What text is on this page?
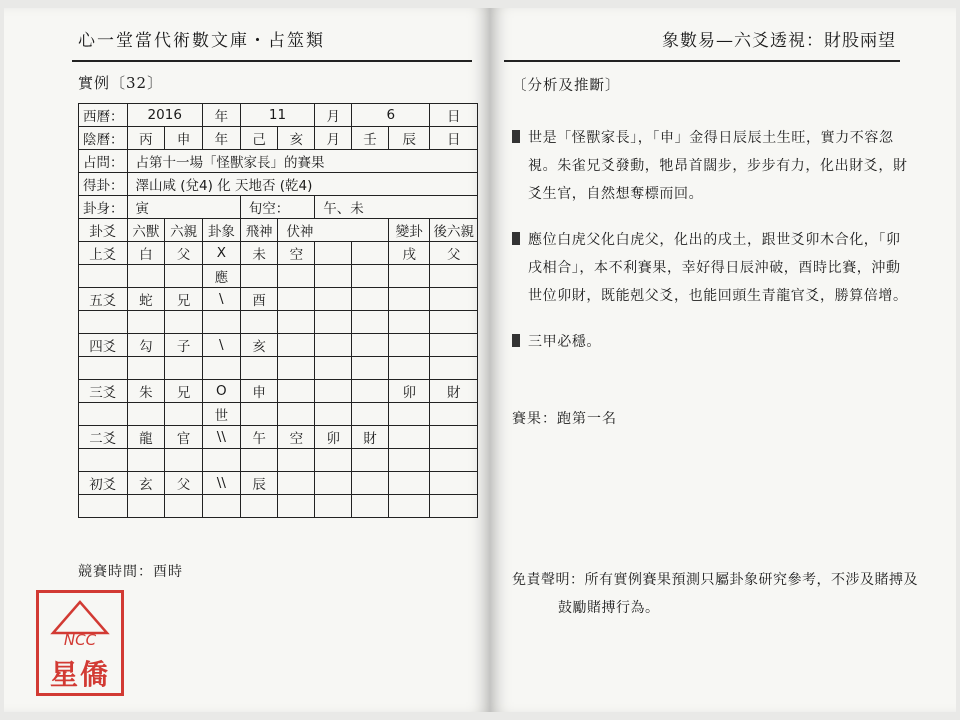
心一堂當代術數文庫・占筮類
實例〔32〕
西曆：	2016		年	11		月	6		日
陰曆：	丙	申	年	己	亥	月	壬	辰	日
占問：	占第十一場「怪獸家長」的賽果								
得卦：	澤山咸 (兌4) 化 天地否 (乾4)								
卦身：	寅			旬空：		午、未			
卦爻	六獸	六親	卦象	飛神	伏神			變卦	後六親
上爻	白	父	X	未	空			戌	父
			應						
五爻	蛇	兄	\	酉					

四爻	勾	子	\	亥					

三爻	朱	兄	O	申				卯	財
			世						
二爻	龍	官	\\	午	空	卯	財		

初爻	玄	父	\\	辰					

競賽時間：酉時
NCC
星僑
象數易—六爻透視：財股兩望
〔分析及推斷〕
世是「怪獸家長」，「申」金得日辰辰土生旺，實力不容忽
視。朱雀兄爻發動，牠昂首闊步，步步有力，化出財爻，財
爻生官，自然想奪標而回。
應位白虎父化白虎父，化出的戌土，跟世爻卯木合化，「卯
戌相合」，本不利賽果，幸好得日辰沖破，酉時比賽，沖動
世位卯財，既能剋父爻，也能回頭生青龍官爻，勝算倍增。
三甲必穩。
賽果：跑第一名
免責聲明：所有實例賽果預測只屬卦象研究參考，不涉及賭搏及
鼓勵賭搏行為。
